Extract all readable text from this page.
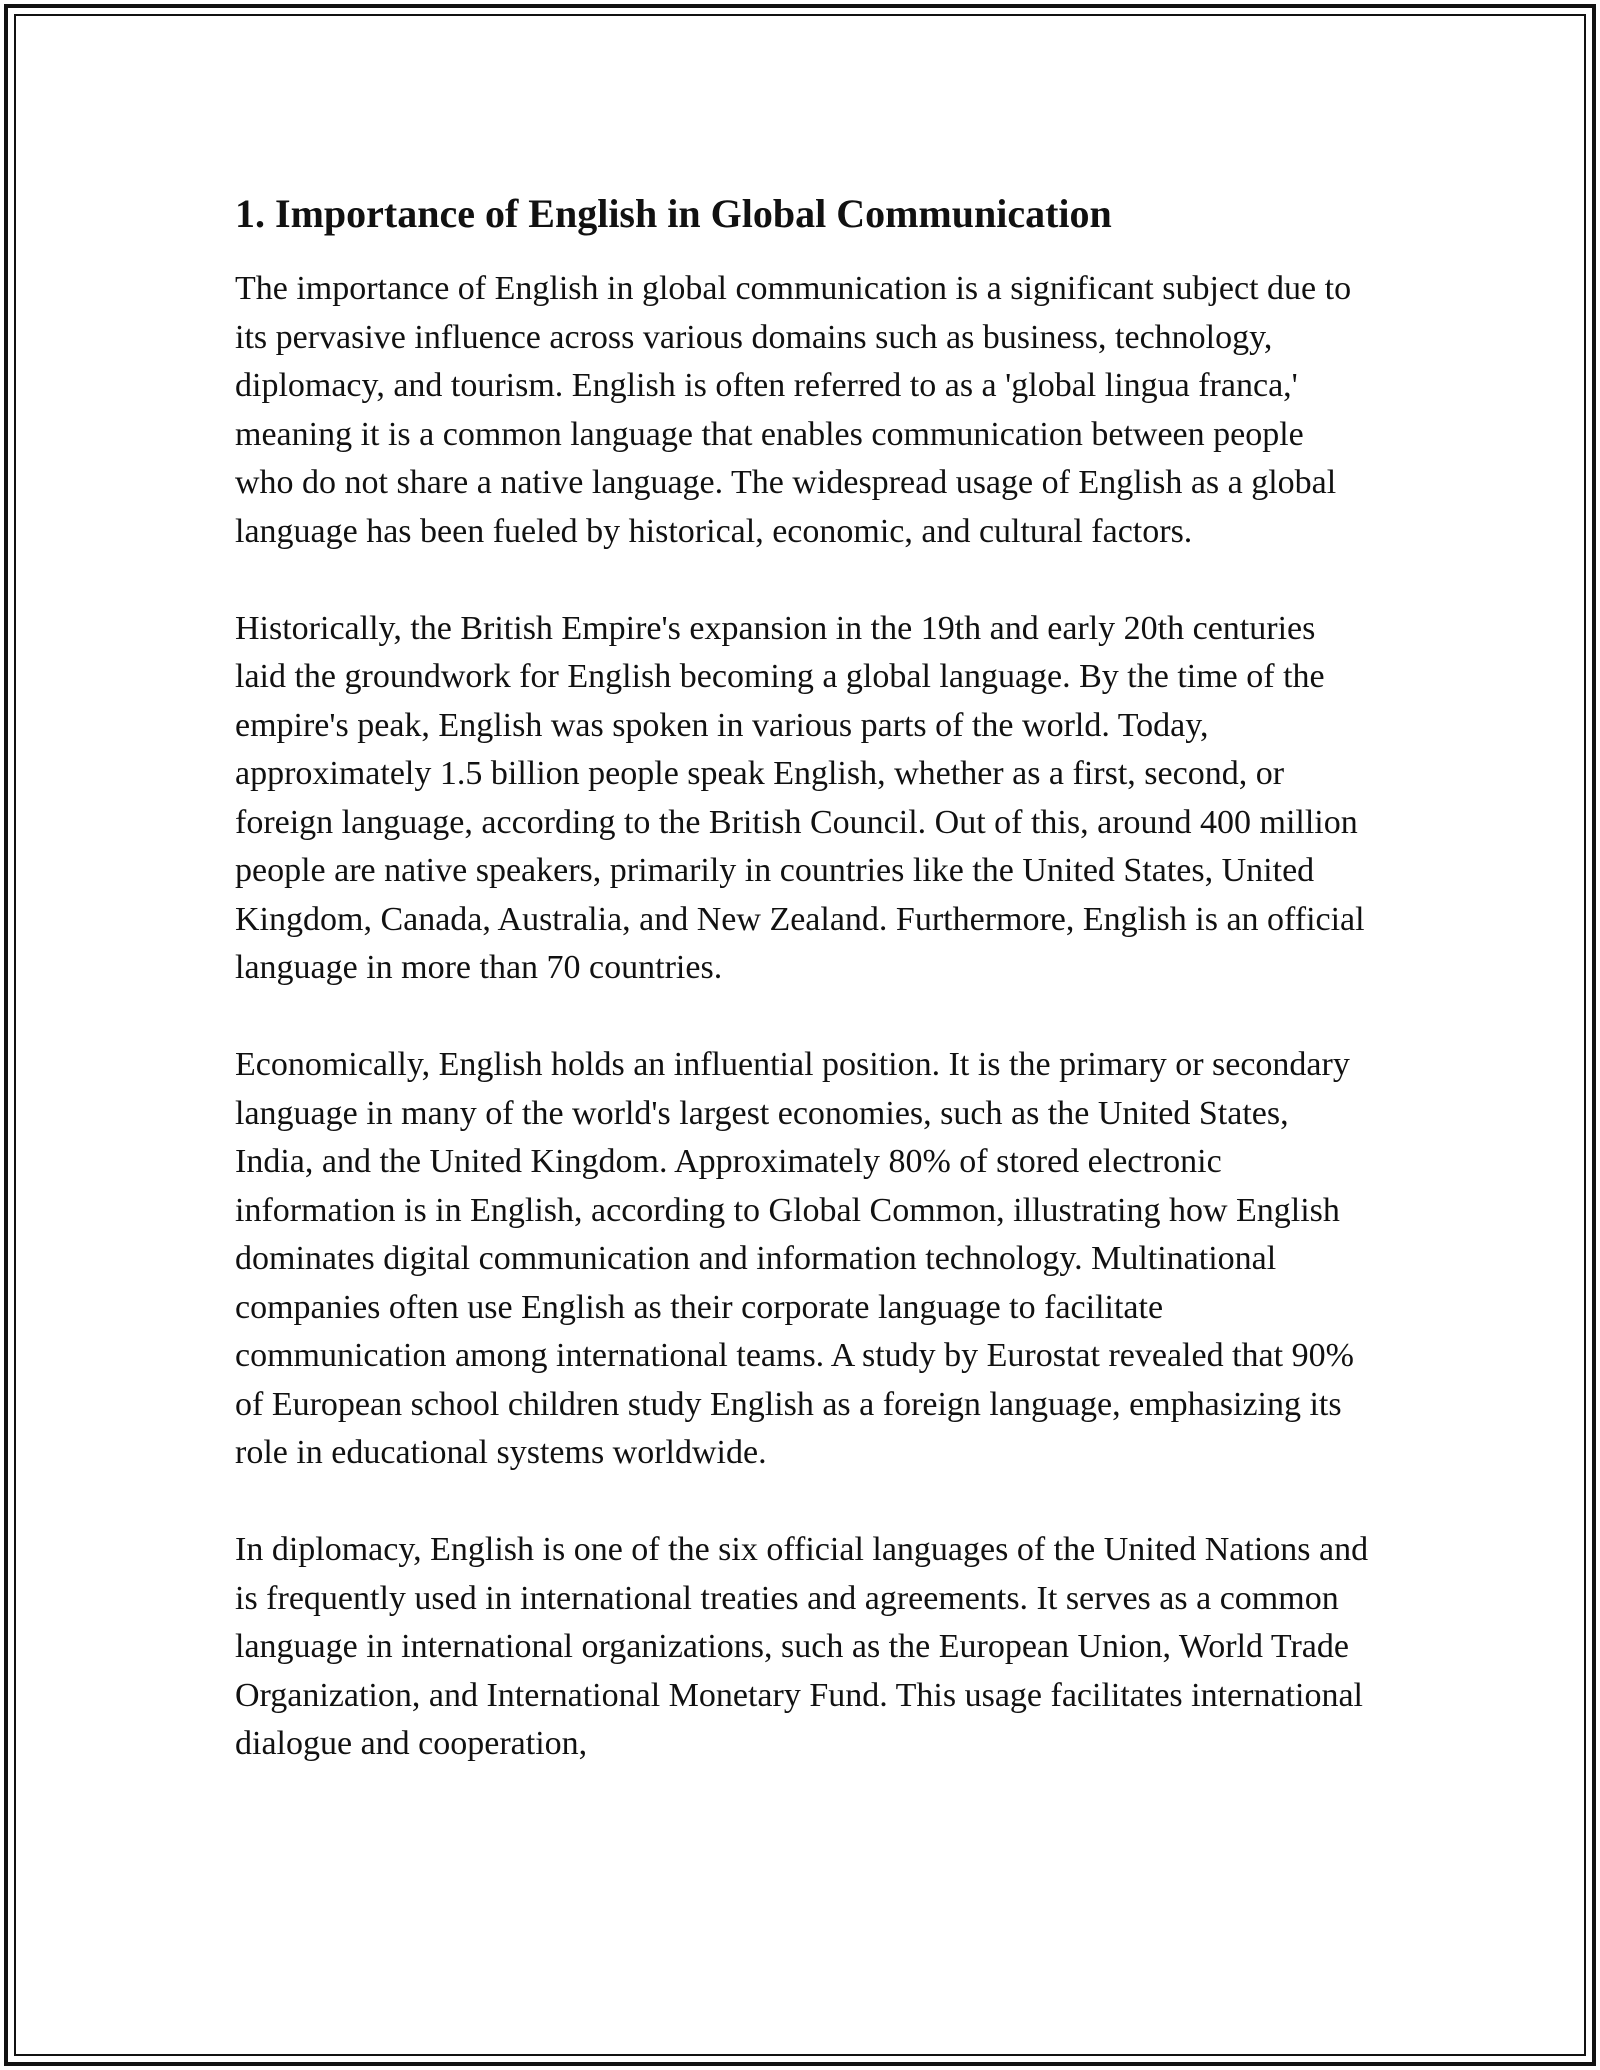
1. Importance of English in Global Communication

The importance of English in global communication is a significant subject due to its pervasive influence across various domains such as business, technology, diplomacy, and tourism. English is often referred to as a 'global lingua franca,' meaning it is a common language that enables communication between people who do not share a native language. The widespread usage of English as a global language has been fueled by historical, economic, and cultural factors.

Historically, the British Empire's expansion in the 19th and early 20th centuries laid the groundwork for English becoming a global language. By the time of the empire's peak, English was spoken in various parts of the world. Today, approximately 1.5 billion people speak English, whether as a first, second, or foreign language, according to the British Council. Out of this, around 400 million people are native speakers, primarily in countries like the United States, United Kingdom, Canada, Australia, and New Zealand. Furthermore, English is an official language in more than 70 countries.

Economically, English holds an influential position. It is the primary or secondary language in many of the world's largest economies, such as the United States, India, and the United Kingdom. Approximately 80% of stored electronic information is in English, according to Global Common, illustrating how English dominates digital communication and information technology. Multinational companies often use English as their corporate language to facilitate communication among international teams. A study by Eurostat revealed that 90% of European school children study English as a foreign language, emphasizing its role in educational systems worldwide.

In diplomacy, English is one of the six official languages of the United Nations and is frequently used in international treaties and agreements. It serves as a common language in international organizations, such as the European Union, World Trade Organization, and International Monetary Fund. This usage facilitates international dialogue and cooperation,
